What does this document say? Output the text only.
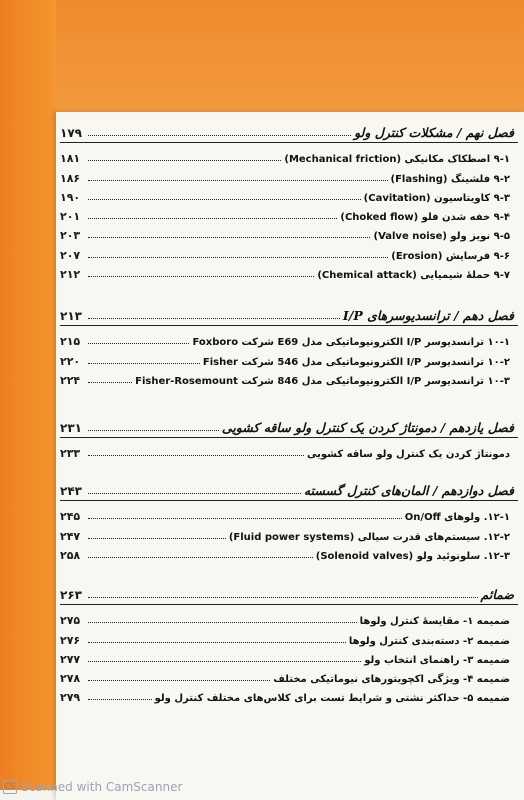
۱۷۹	فصل نهم / مشکلات کنترل ولو
۱۸۱	۹-۱ اصطکاک مکانیکی (Mechanical friction)
۱۸۶	۹-۲ فلشینگ (Flashing)
۱۹۰	۹-۳ کاویتاسیون (Cavitation)
۲۰۱	۹-۴ خفه شدن فلو (Choked flow)
۲۰۳	۹-۵ نویز ولو (Valve noise)
۲۰۷	۹-۶ فرسایش (Erosion)
۲۱۲	۹-۷ حملهٔ شیمیایی (Chemical attack)
۲۱۳	فصل دهم / ترانسدیوسرهای I/P
۲۱۵	۱۰-۱ ترانسدیوسر I/P الکترونیوماتیکی مدل E69 شرکت Foxboro
۲۲۰	۱۰-۲ ترانسدیوسر I/P الکترونیوماتیکی مدل 546 شرکت Fisher
۲۲۴	۱۰-۳ ترانسدیوسر I/P الکترونیوماتیکی مدل 846 شرکت Fisher-Rosemount
۲۳۱	فصل یازدهم / دمونتاژ کردن یک کنترل ولو ساقه کشویی
۲۳۳	دمونتاژ کردن یک کنترل ولو ساقه کشویی
۲۴۳	فصل دوازدهم / المان‌های کنترل گسسته
۲۴۵	۱۲-۱. ولوهای On/Off
۲۴۷	۱۲-۲. سیستم‌های قدرت سیالی (Fluid power systems)
۲۵۸	۱۲-۳. سلونوئید ولو (Solenoid valves)
۲۶۳	ضمائم
۲۷۵	ضمیمه ۱- مقایسهٔ کنترل ولوها
۲۷۶	ضمیمه ۲- دسته‌بندی کنترل ولوها
۲۷۷	ضمیمه ۳- راهنمای انتخاب ولو
۲۷۸	ضمیمه ۴- ویژگی اکچویتورهای نیوماتیکی مختلف
۲۷۹	ضمیمه ۵- حداکثر نشتی و شرایط تست برای کلاس‌های مختلف کنترل ولو
CS Scanned with CamScanner
